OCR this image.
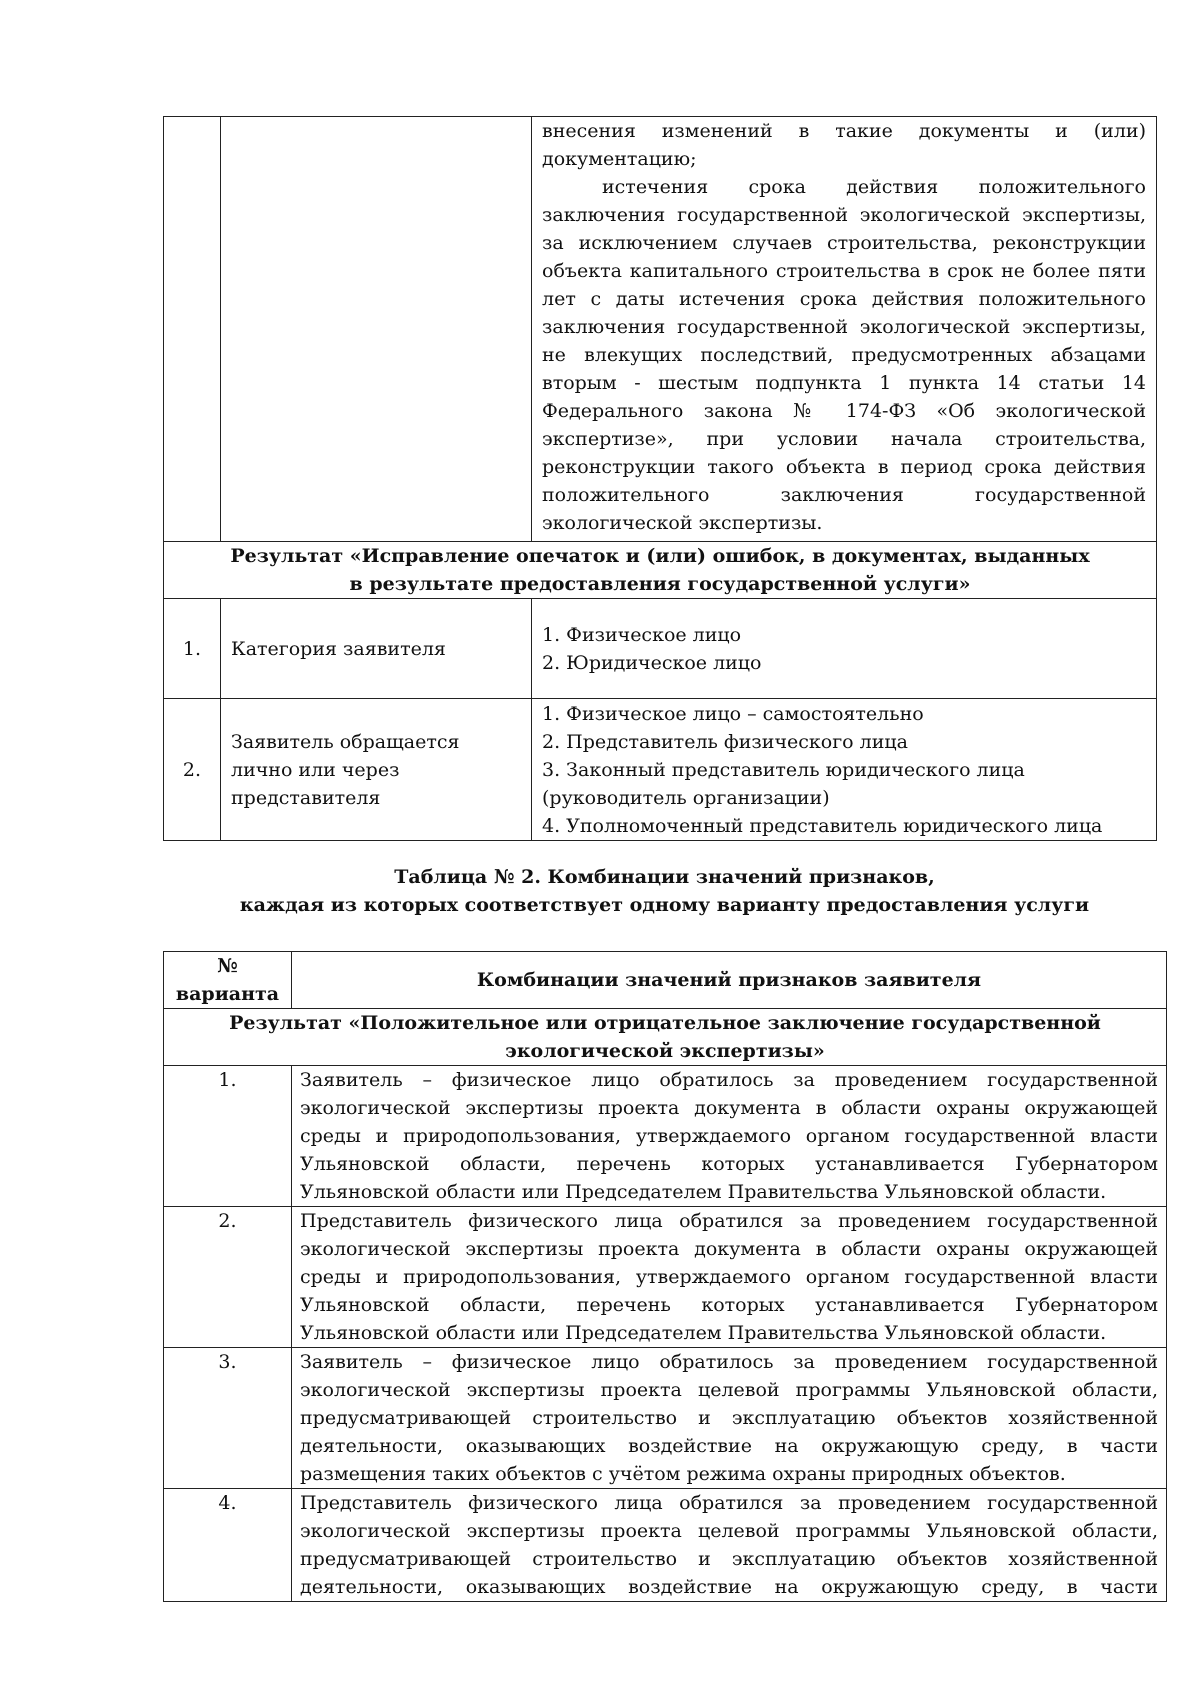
		внесения изменений в такие документы и (или) документацию;

истечения срока действия положительного заключения государственной экологической экспертизы, за исключением случаев строительства, реконструкции объекта капитального строительства в срок не более пяти лет с даты истечения срока действия положительного заключения государственной экологической экспертизы, не влекущих последствий, предусмотренных абзацами вторым - шестым подпункта 1 пункта 14 статьи 14 Федерального закона № 174-ФЗ «Об экологической экспертизе», при условии начала строительства, реконструкции такого объекта в период срока действия положительного заключения государственной экологической экспертизы.

Результат «Исправление опечаток и (или) ошибок, в документах, выданных
в результате предоставления государственной услуги»		

1.	Категория заявителя	1. Физическое лицо
2. Юридическое лицо

2.	Заявитель обращается лично или через представителя	1. Физическое лицо – самостоятельно
2. Представитель физического лица
3. Законный представитель юридического лица
(руководитель организации)
4. Уполномоченный представитель юридического лица
Таблица № 2. Комбинации значений признаков,
каждая из которых соответствует одному варианту предоставления услуги
№
варианта	Комбинации значений признаков заявителя

Результат «Положительное или отрицательное заключение государственной
экологической экспертизы»	

1.	Заявитель – физическое лицо обратилось за проведением государственной экологической экспертизы проекта документа в области охраны окружающей среды и природопользования, утверждаемого органом государственной власти Ульяновской области, перечень которых устанавливается Губернатором Ульяновской области или Председателем Правительства Ульяновской области.
2.	Представитель физического лица обратился за проведением государственной экологической экспертизы проекта документа в области охраны окружающей среды и природопользования, утверждаемого органом государственной власти Ульяновской области, перечень которых устанавливается Губернатором Ульяновской области или Председателем Правительства Ульяновской области.
3.	Заявитель – физическое лицо обратилось за проведением государственной экологической экспертизы проекта целевой программы Ульяновской области, предусматривающей строительство и эксплуатацию объектов хозяйственной деятельности, оказывающих воздействие на окружающую среду, в части размещения таких объектов с учётом режима охраны природных объектов.
4.	Представитель физического лица обратился за проведением государственной экологической экспертизы проекта целевой программы Ульяновской области, предусматривающей строительство и эксплуатацию объектов хозяйственной деятельности, оказывающих воздействие на окружающую среду, в части
